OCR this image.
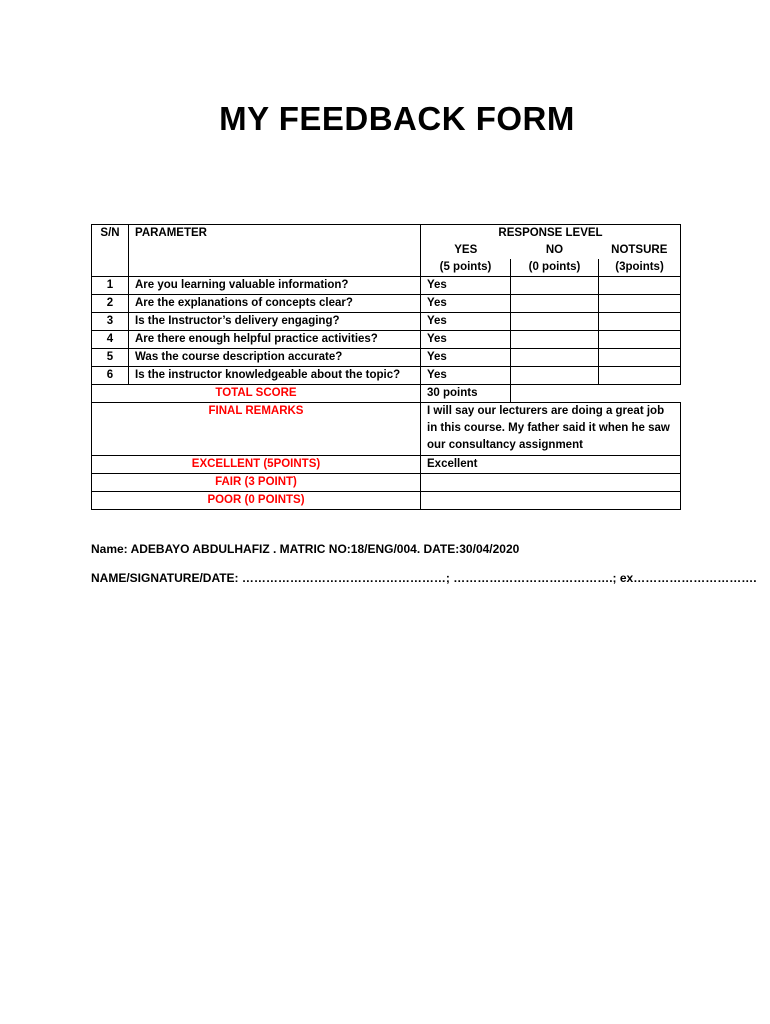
MY FEEDBACK FORM
S/N	PARAMETER	RESPONSE LEVEL		
		YES	NO	NOTSURE
		(5 points)	(0 points)	(3points)
1	Are you learning valuable information?	Yes		
2	Are the explanations of concepts clear?	Yes		
3	Is the Instructor’s delivery engaging?	Yes		
4	Are there enough helpful practice activities?	Yes		
5	Was the course description accurate?	Yes		
6	Is the instructor knowledgeable about the topic?	Yes		
TOTAL SCORE		30 points		
FINAL REMARKS		I will say our lecturers are doing a great job in this course. My father said it when he saw our consultancy assignment		
EXCELLENT (5POINTS)		Excellent		
FAIR (3 POINT)				
POOR (0 POINTS)				
Name: ADEBAYO ABDULHAFIZ . MATRIC NO:18/ENG/004. DATE:30/04/2020
NAME/SIGNATURE/DATE: ……………………………………………; ………………………………….; ex………………………….
